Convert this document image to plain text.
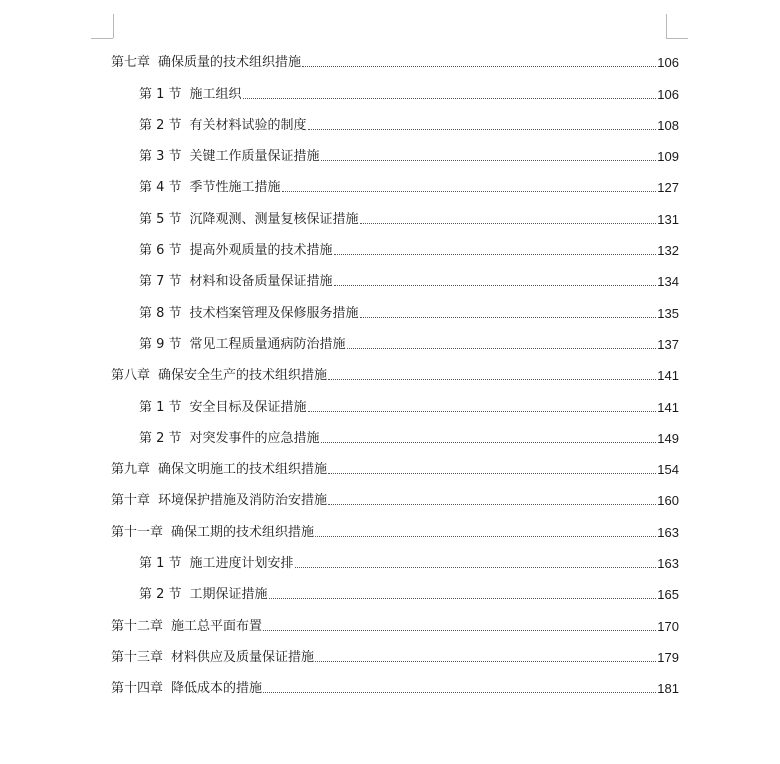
第七章 确保质量的技术组织措施	106
第 1 节 施工组织	106
第 2 节 有关材料试验的制度	108
第 3 节 关键工作质量保证措施	109
第 4 节 季节性施工措施	127
第 5 节 沉降观测、测量复核保证措施	131
第 6 节 提高外观质量的技术措施	132
第 7 节 材料和设备质量保证措施	134
第 8 节 技术档案管理及保修服务措施	135
第 9 节 常见工程质量通病防治措施	137
第八章 确保安全生产的技术组织措施	141
第 1 节 安全目标及保证措施	141
第 2 节 对突发事件的应急措施	149
第九章 确保文明施工的技术组织措施	154
第十章 环境保护措施及消防治安措施	160
第十一章 确保工期的技术组织措施	163
第 1 节 施工进度计划安排	163
第 2 节 工期保证措施	165
第十二章 施工总平面布置	170
第十三章 材料供应及质量保证措施	179
第十四章 降低成本的措施	181
